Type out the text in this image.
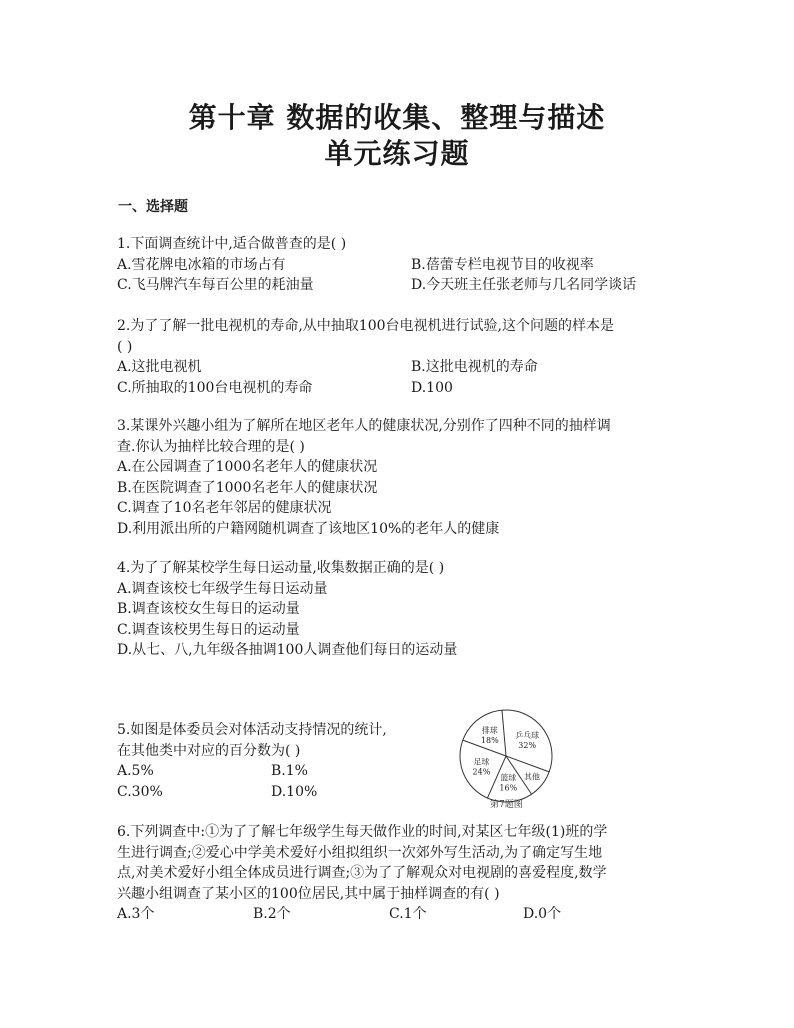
第十章 数据的收集、整理与描述
单元练习题
一、选择题
1.下面调查统计中,适合做普查的是( )
A.雪花牌电冰箱的市场占有	B.蓓蕾专栏电视节目的收视率
C.飞马牌汽车每百公里的耗油量	D.今天班主任张老师与几名同学谈话
2.为了了解一批电视机的寿命,从中抽取100台电视机进行试验,这个问题的样本是
( )
A.这批电视机	B.这批电视机的寿命
C.所抽取的100台电视机的寿命	D.100
3.某课外兴趣小组为了解所在地区老年人的健康状况,分别作了四种不同的抽样调
查.你认为抽样比较合理的是( )
A.在公园调查了1000名老年人的健康状况
B.在医院调查了1000名老年人的健康状况
C.调查了10名老年邻居的健康状况
D.利用派出所的户籍网随机调查了该地区10%的老年人的健康
4.为了了解某校学生每日运动量,收集数据正确的是( )
A.调查该校七年级学生每日运动量
B.调查该校女生每日的运动量
C.调查该校男生每日的运动量
D.从七、八,九年级各抽调100人调查他们每日的运动量
5.如图是体委员会对体活动支持情况的统计,
在其他类中对应的百分数为( )
A.5%	B.1%
C.30%	D.10%
乒乓球
32%
其他
篮球
16%
足球
24%
排球
18%
第7题图
6.下列调查中:①为了了解七年级学生每天做作业的时间,对某区七年级(1)班的学
生进行调查;②爱心中学美术爱好小组拟组织一次郊外写生活动,为了确定写生地
点,对美术爱好小组全体成员进行调查;③为了了解观众对电视剧的喜爱程度,数学
兴趣小组调查了某小区的100位居民,其中属于抽样调查的有( )
A.3个	B.2个	C.1个	D.0个
